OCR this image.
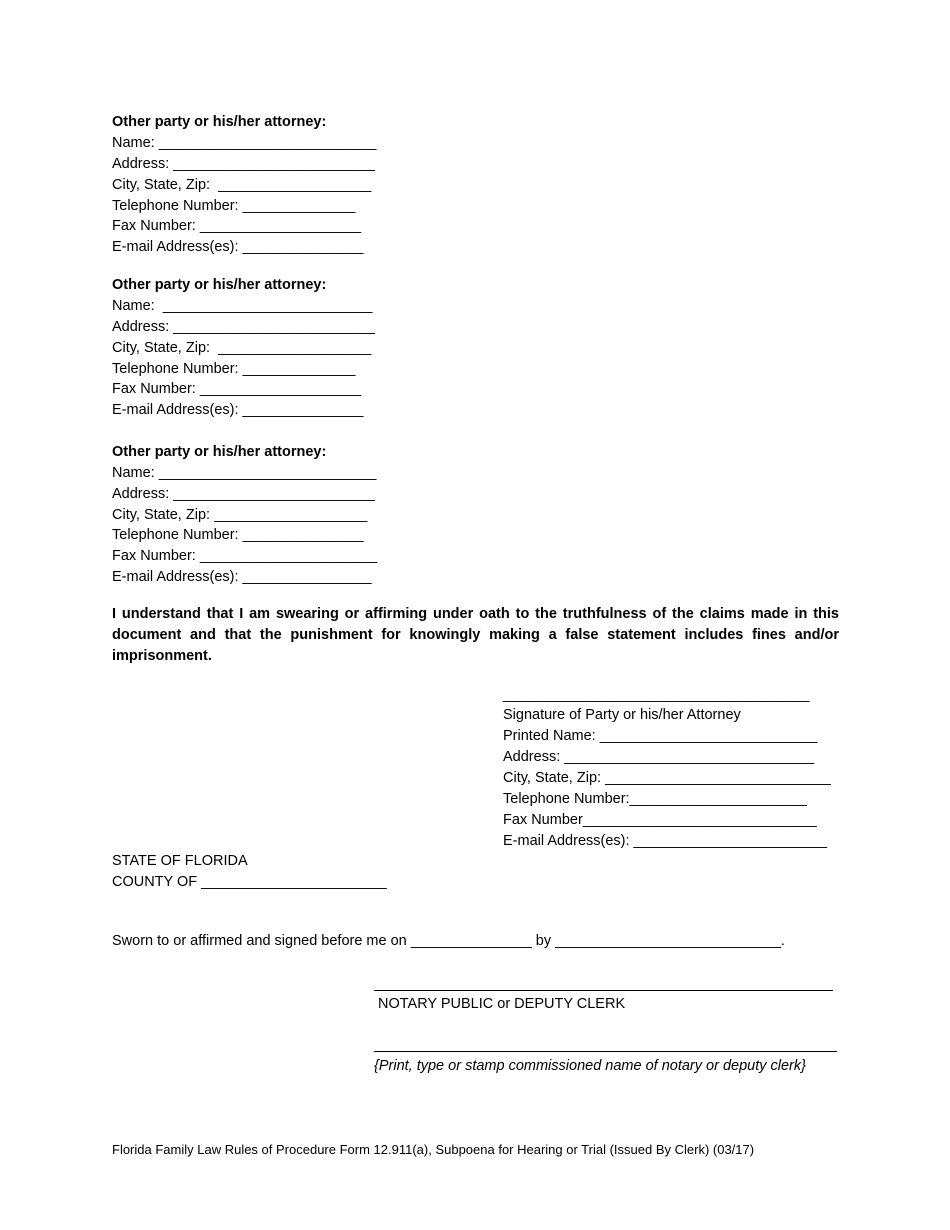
Other party or his/her attorney:
Name: ___________________________
Address: _________________________
City, State, Zip:  ___________________
Telephone Number: ______________
Fax Number: ____________________
E-mail Address(es): _______________
Other party or his/her attorney:
Name:  __________________________
Address: _________________________
City, State, Zip:  ___________________
Telephone Number: ______________
Fax Number: ____________________
E-mail Address(es): _______________
Other party or his/her attorney:
Name: ___________________________
Address: _________________________
City, State, Zip: ___________________
Telephone Number: _______________
Fax Number: ______________________
E-mail Address(es): ________________
I understand that I am swearing or affirming under oath to the truthfulness of the claims made in this document and that the punishment for knowingly making a false statement includes fines and/or imprisonment.
______________________________________
Signature of Party or his/her Attorney
Printed Name: ___________________________
Address: _______________________________
City, State, Zip: ____________________________
Telephone Number:______________________
Fax Number_____________________________
E-mail Address(es): ________________________
STATE OF FLORIDA
COUNTY OF _______________________
Sworn to or affirmed and signed before me on _______________ by ____________________________.
NOTARY PUBLIC or DEPUTY CLERK
{Print, type or stamp commissioned name of notary or deputy clerk}
Florida Family Law Rules of Procedure Form 12.911(a), Subpoena for Hearing or Trial (Issued By Clerk) (03/17)
